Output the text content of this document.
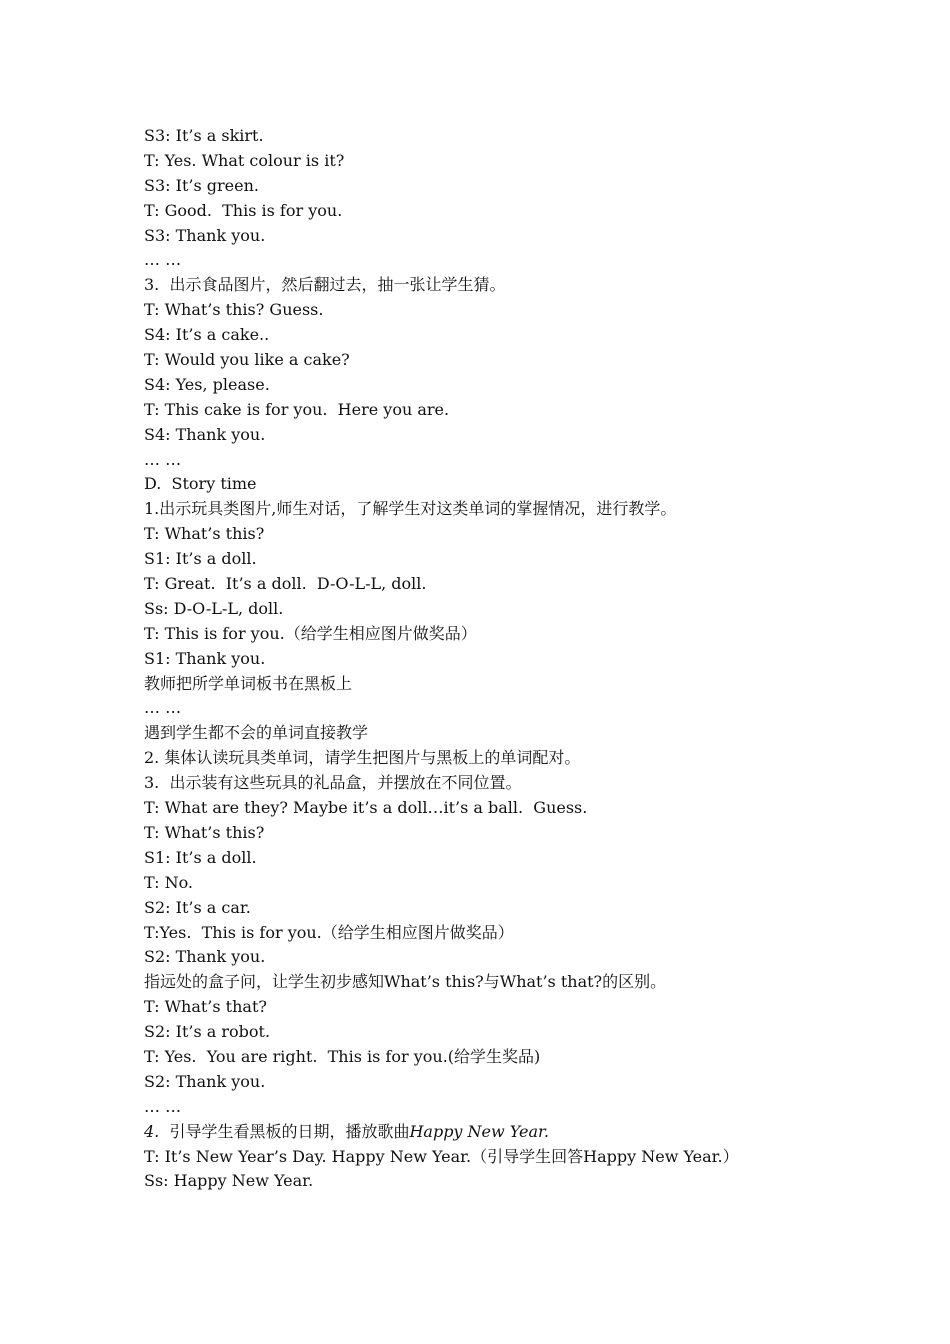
S3: It’s a skirt.
T: Yes. What colour is it?
S3: It’s green.
T: Good.  This is for you.
S3: Thank you.
… …
3.  出示食品图片，然后翻过去，抽一张让学生猜。
T: What’s this? Guess.
S4: It’s a cake..
T: Would you like a cake?
S4: Yes, please.
T: This cake is for you.  Here you are.
S4: Thank you.
… …
D.  Story time
1.出示玩具类图片,师生对话，了解学生对这类单词的掌握情况，进行教学。
T: What’s this?
S1: It’s a doll.
T: Great.  It’s a doll.  D-O-L-L, doll.
Ss: D-O-L-L, doll.
T: This is for you.（给学生相应图片做奖品）
S1: Thank you.
教师把所学单词板书在黑板上
… …
遇到学生都不会的单词直接教学
2. 集体认读玩具类单词，请学生把图片与黑板上的单词配对。
3.  出示装有这些玩具的礼品盒，并摆放在不同位置。
T: What are they? Maybe it’s a doll…it’s a ball.  Guess.
T: What’s this?
S1: It’s a doll.
T: No.
S2: It’s a car.
T:Yes.  This is for you.（给学生相应图片做奖品）
S2: Thank you.
指远处的盒子问，让学生初步感知What’s this?与What’s that?的区别。
T: What’s that?
S2: It’s a robot.
T: Yes.  You are right.  This is for you.(给学生奖品)
S2: Thank you.
… …
4.  引导学生看黑板的日期，播放歌曲Happy New Year.
T: It’s New Year’s Day. Happy New Year.（引导学生回答Happy New Year.）
Ss: Happy New Year.
